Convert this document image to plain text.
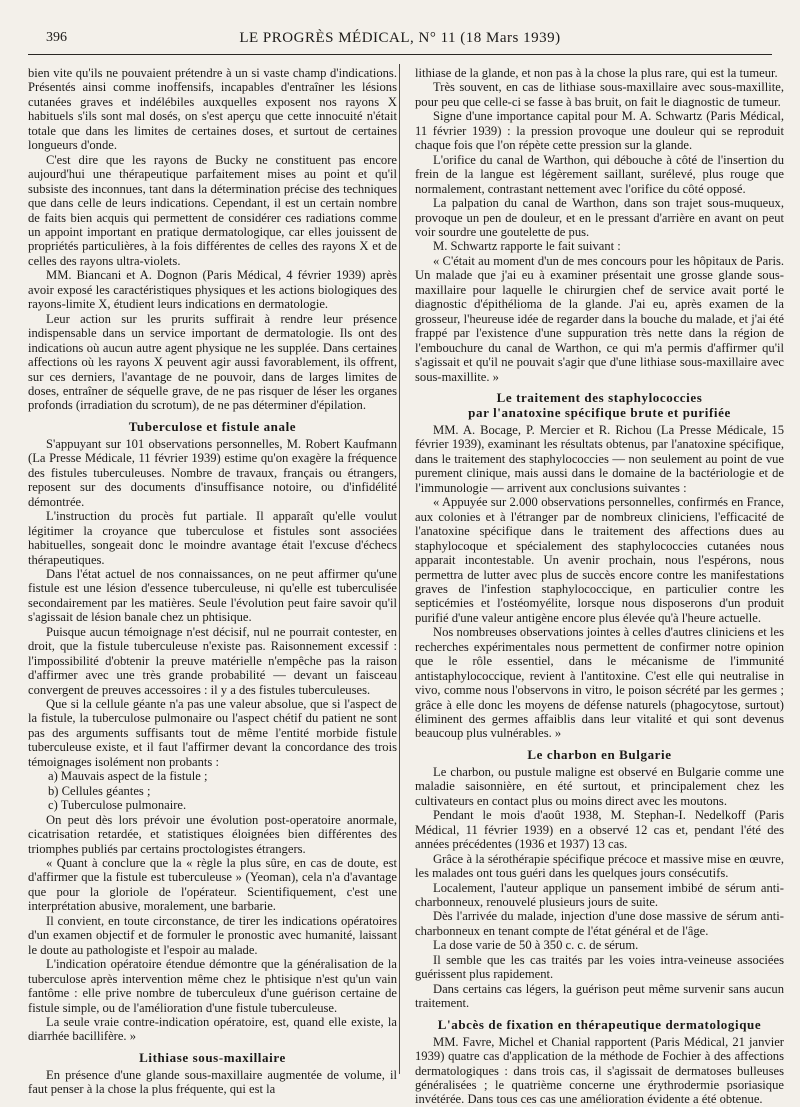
396	LE PROGRÈS MÉDICAL, N° 11 (18 Mars 1939)

bien vite qu'ils ne pouvaient prétendre à un si vaste champ d'indications. Présentés ainsi comme inoffensifs, incapables d'entraîner les lésions cutanées graves et indélébiles auxquelles exposent nos rayons X habituels s'ils sont mal dosés, on s'est aperçu que cette innocuité n'était totale que dans les limites de certaines doses, et surtout de certaines longueurs d'onde.

C'est dire que les rayons de Bucky ne constituent pas encore aujourd'hui une thérapeutique parfaitement mises au point et qu'il subsiste des inconnues, tant dans la détermination précise des techniques que dans celle de leurs indications. Cependant, il est un certain nombre de faits bien acquis qui permettent de considérer ces radiations comme un appoint important en pratique dermatologique, car elles jouissent de propriétés particulières, à la fois différentes de celles des rayons X et de celles des rayons ultra-violets.

MM. Biancani et A. Dognon (Paris Médical, 4 février 1939) après avoir exposé les caractéristiques physiques et les actions biologiques des rayons-limite X, étudient leurs indications en dermatologie.

Leur action sur les prurits suffirait à rendre leur présence indispensable dans un service important de dermatologie. Ils ont des indications où aucun autre agent physique ne les supplée. Dans certaines affections où les rayons X peuvent agir aussi favorablement, ils offrent, sur ces derniers, l'avantage de ne pouvoir, dans de larges limites de doses, entraîner de séquelle grave, de ne pas risquer de léser les organes profonds (irradiation du scrotum), de ne pas déterminer d'épilation.

Tuberculose et fistule anale

S'appuyant sur 101 observations personnelles, M. Robert Kaufmann (La Presse Médicale, 11 février 1939) estime qu'on exagère la fréquence des fistules tuberculeuses. Nombre de travaux, français ou étrangers, reposent sur des documents d'insuffisance notoire, ou d'infidélité démontrée.

L'instruction du procès fut partiale. Il apparaît qu'elle voulut légitimer la croyance que tuberculose et fistules sont associées habituelles, songeait donc le moindre avantage était l'excuse d'échecs thérapeutiques.

Dans l'état actuel de nos connaissances, on ne peut affirmer qu'une fistule est une lésion d'essence tuberculeuse, ni qu'elle est tuberculisée secondairement par les matières. Seule l'évolution peut faire savoir qu'il s'agissait de lésion banale chez un phtisique.

Puisque aucun témoignage n'est décisif, nul ne pourrait contester, en droit, que la fistule tuberculeuse n'existe pas. Raisonnement excessif : l'impossibilité d'obtenir la preuve matérielle n'empêche pas la raison d'affirmer avec une très grande probabilité — devant un faisceau convergent de preuves accessoires : il y a des fistules tuberculeuses.

Que si la cellule géante n'a pas une valeur absolue, que si l'aspect de la fistule, la tuberculose pulmonaire ou l'aspect chétif du patient ne sont pas des arguments suffisants tout de même l'entité morbide fistule tuberculeuse existe, et il faut l'affirmer devant la concordance des trois témoignages isolément non probants :

a) Mauvais aspect de la fistule ;
b) Cellules géantes ;
c) Tuberculose pulmonaire.

On peut dès lors prévoir une évolution post-operatoire anormale, cicatrisation retardée, et statistiques éloignées bien différentes des triomphes publiés par certains proctologistes étrangers.

« Quant à conclure que la « règle la plus sûre, en cas de doute, est d'affirmer que la fistule est tuberculeuse » (Yeoman), cela n'a d'avantage que pour la gloriole de l'opérateur. Scientifiquement, c'est une interprétation abusive, moralement, une barbarie.

Il convient, en toute circonstance, de tirer les indications opératoires d'un examen objectif et de formuler le pronostic avec humanité, laissant le doute au pathologiste et l'espoir au malade.

L'indication opératoire étendue démontre que la généralisation de la tuberculose après intervention même chez le phtisique n'est qu'un vain fantôme : elle prive nombre de tuberculeux d'une guérison certaine de fistule simple, ou de l'amélioration d'une fistule tuberculeuse.

La seule vraie contre-indication opératoire, est, quand elle existe, la diarrhée bacillifère. »

Lithiase sous-maxillaire

En présence d'une glande sous-maxillaire augmentée de volume, il faut penser à la chose la plus fréquente, qui est la

lithiase de la glande, et non pas à la chose la plus rare, qui est la tumeur.

Très souvent, en cas de lithiase sous-maxillaire avec sous-maxillite, pour peu que celle-ci se fasse à bas bruit, on fait le diagnostic de tumeur.

Signe d'une importance capital pour M. A. Schwartz (Paris Médical, 11 février 1939) : la pression provoque une douleur qui se reproduit chaque fois que l'on répète cette pression sur la glande.

L'orifice du canal de Warthon, qui débouche à côté de l'insertion du frein de la langue est légèrement saillant, surélevé, plus rouge que normalement, contrastant nettement avec l'orifice du côté opposé.

La palpation du canal de Warthon, dans son trajet sous-muqueux, provoque un pen de douleur, et en le pressant d'arrière en avant on peut voir sourdre une goutelette de pus.

M. Schwartz rapporte le fait suivant :

« C'était au moment d'un de mes concours pour les hôpitaux de Paris. Un malade que j'ai eu à examiner présentait une grosse glande sous-maxillaire pour laquelle le chirurgien chef de service avait porté le diagnostic d'épithélioma de la glande. J'ai eu, après examen de la grosseur, l'heureuse idée de regarder dans la bouche du malade, et j'ai été frappé par l'existence d'une suppuration très nette dans la région de l'embouchure du canal de Warthon, ce qui m'a permis d'affirmer qu'il s'agissait et qu'il ne pouvait s'agir que d'une lithiase sous-maxillaire avec sous-maxillite. »

Le traitement des staphylococcies
par l'anatoxine spécifique brute et purifiée

MM. A. Bocage, P. Mercier et R. Richou (La Presse Médicale, 15 février 1939), examinant les résultats obtenus, par l'anatoxine spécifique, dans le traitement des staphylococcies — non seulement au point de vue purement clinique, mais aussi dans le domaine de la bactériologie et de l'immunologie — arrivent aux conclusions suivantes :

« Appuyée sur 2.000 observations personnelles, confirmés en France, aux colonies et à l'étranger par de nombreux cliniciens, l'efficacité de l'anatoxine spécifique dans le traitement des affections dues au staphylocoque et spécialement des staphylococcies cutanées nous apparait incontestable. Un avenir prochain, nous l'espérons, nous permettra de lutter avec plus de succès encore contre les manifestations graves de l'infestion staphylococcique, en particulier contre les septicémies et l'ostéomyélite, lorsque nous disposerons d'un produit purifié d'une valeur antigène encore plus élevée qu'à l'heure actuelle.

Nos nombreuses observations jointes à celles d'autres cliniciens et les recherches expérimentales nous permettent de confirmer notre opinion que le rôle essentiel, dans le mécanisme de l'immunité antistaphylococcique, revient à l'antitoxine. C'est elle qui neutralise in vivo, comme nous l'observons in vitro, le poison sécrété par les germes ; grâce à elle donc les moyens de défense naturels (phagocytose, surtout) éliminent des germes affaiblis dans leur vitalité et qui sont devenus beaucoup plus vulnérables. »

Le charbon en Bulgarie

Le charbon, ou pustule maligne est observé en Bulgarie comme une maladie saisonnière, en été surtout, et principalement chez les cultivateurs en contact plus ou moins direct avec les moutons.

Pendant le mois d'août 1938, M. Stephan-I. Nedelkoff (Paris Médical, 11 février 1939) en a observé 12 cas et, pendant l'été des années précédentes (1936 et 1937) 13 cas.

Grâce à la sérothérapie spécifique précoce et massive mise en œuvre, les malades ont tous guéri dans les quelques jours consécutifs.

Localement, l'auteur applique un pansement imbibé de sérum anti-charbonneux, renouvelé plusieurs jours de suite.

Dès l'arrivée du malade, injection d'une dose massive de sérum anti-charbonneux en tenant compte de l'état général et de l'âge.

La dose varie de 50 à 350 c. c. de sérum.

Il semble que les cas traités par les voies intra-veineuse associées guérissent plus rapidement.

Dans certains cas légers, la guérison peut même survenir sans aucun traitement.

L'abcès de fixation en thérapeutique dermatologique

MM. Favre, Michel et Chanial rapportent (Paris Médical, 21 janvier 1939) quatre cas d'application de la méthode de Fochier à des affections dermatologiques : dans trois cas, il s'agissait de dermatoses bulleuses généralisées ; le quatrième concerne une érythrodermie psoriasique invétérée. Dans tous ces cas une amélioration évidente a été obtenue.
